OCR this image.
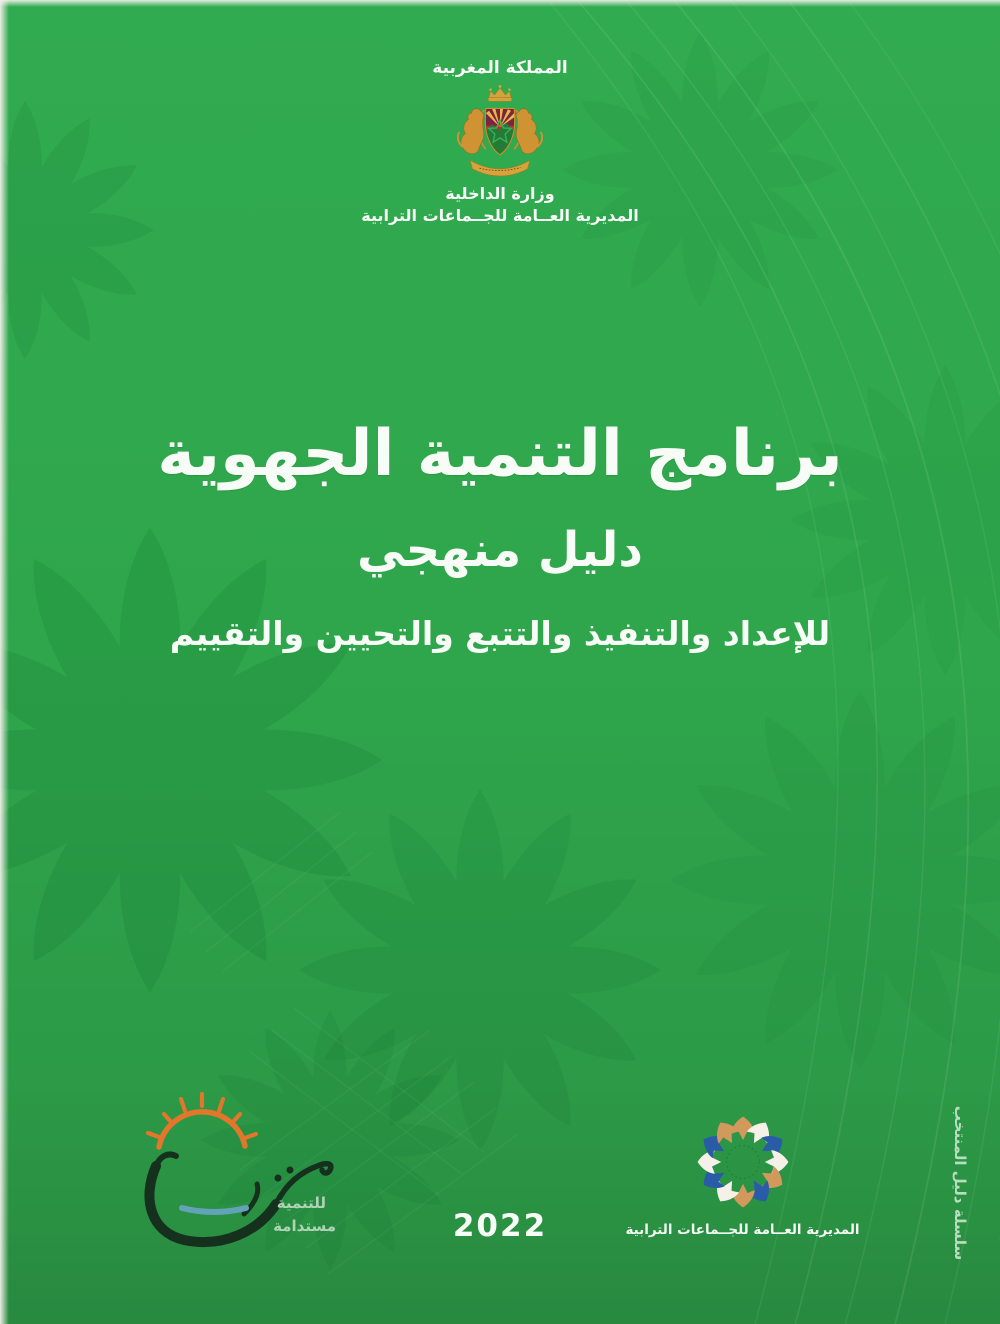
المملكة المغربية
وزارة الداخلية
المديرية العــامة للجــماعات الترابية
برنامج التنمية الجهوية
دليل منهجي
للإعداد والتنفيذ والتتبع والتحيين والتقييم
للتنمية
مستدامة	2022	المديرية العــامة للجــماعات الترابية	سلسلة دليل المنتخب
